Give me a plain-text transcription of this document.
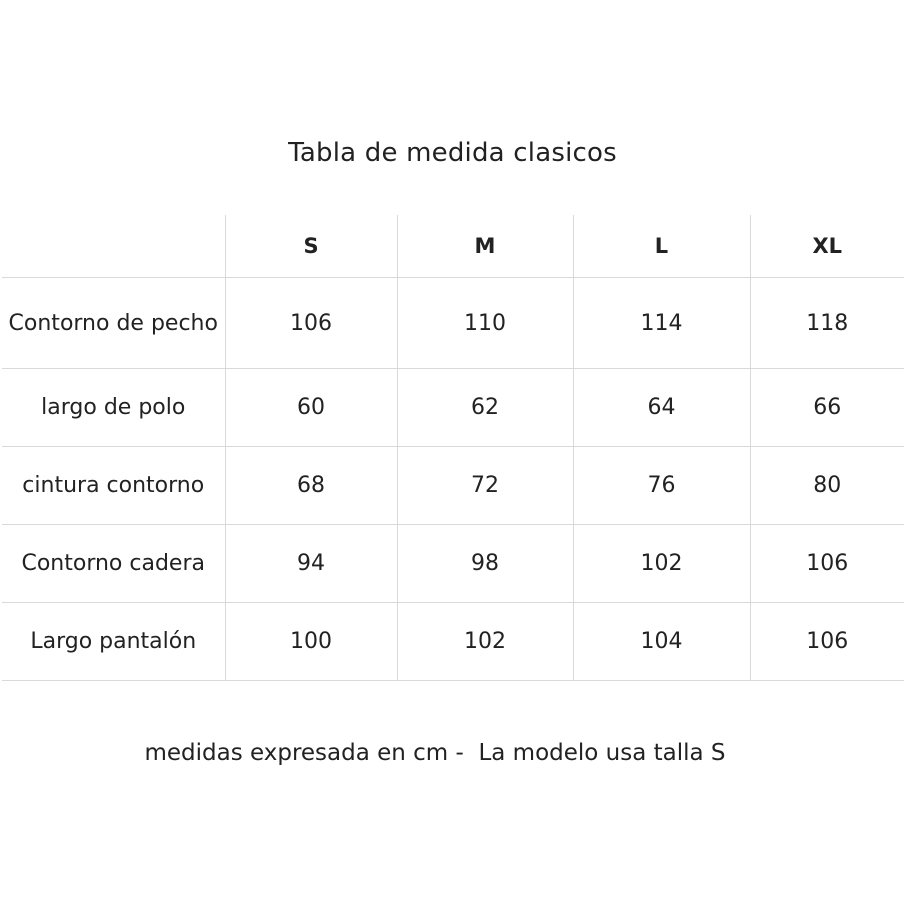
Tabla de medida clasicos
	S	M	L	XL
Contorno de pecho	106	110	114	118
largo de polo	60	62	64	66
cintura contorno	68	72	76	80
Contorno cadera	94	98	102	106
Largo pantalón	100	102	104	106
medidas expresada en cm -  La modelo usa talla S
